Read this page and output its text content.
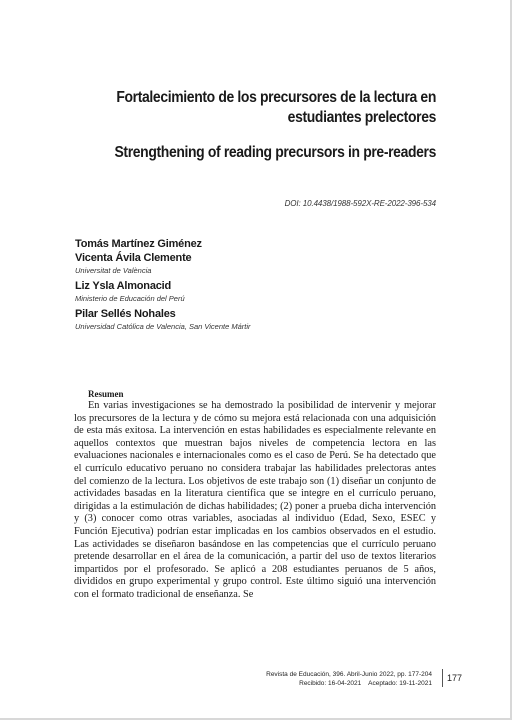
Fortalecimiento de los precursores de la lectura en estudiantes prelectores
Strengthening of reading precursors in pre-readers
DOI: 10.4438/1988-592X-RE-2022-396-534
Tomás Martínez Giménez
Vicenta Ávila Clemente
Universitat de València
Liz Ysla Almonacid
Ministerio de Educación del Perú
Pilar Sellés Nohales
Universidad Católica de Valencia, San Vicente Mártir
Resumen

En varias investigaciones se ha demostrado la posibilidad de intervenir y mejorar los precursores de la lectura y de cómo su mejora está relacionada con una adquisición de esta más exitosa. La intervención en estas habilidades es especialmente relevante en aquellos contextos que muestran bajos niveles de competencia lectora en las evaluaciones nacionales e internacionales como es el caso de Perú. Se ha detectado que el currículo educativo peruano no considera trabajar las habilidades prelectoras antes del comienzo de la lectura. Los objetivos de este trabajo son (1) diseñar un conjunto de actividades basadas en la literatura científica que se integre en el currículo peruano, dirigidas a la estimulación de dichas habilidades; (2) poner a prueba dicha intervención y (3) conocer como otras variables, asociadas al individuo (Edad, Sexo, ESEC y Función Ejecutiva) podrían estar implicadas en los cambios observados en el estudio. Las actividades se diseñaron basándose en las competencias que el currículo peruano pretende desarrollar en el área de la comunicación, a partir del uso de textos literarios impartidos por el profesorado. Se aplicó a 208 estudiantes peruanos de 5 años, divididos en grupo experimental y grupo control. Este último siguió una intervención con el formato tradicional de enseñanza. Se

Revista de Educación, 396. Abril-Junio 2022, pp. 177-204
Recibido: 16-04-2021    Aceptado: 19-11-2021
177
